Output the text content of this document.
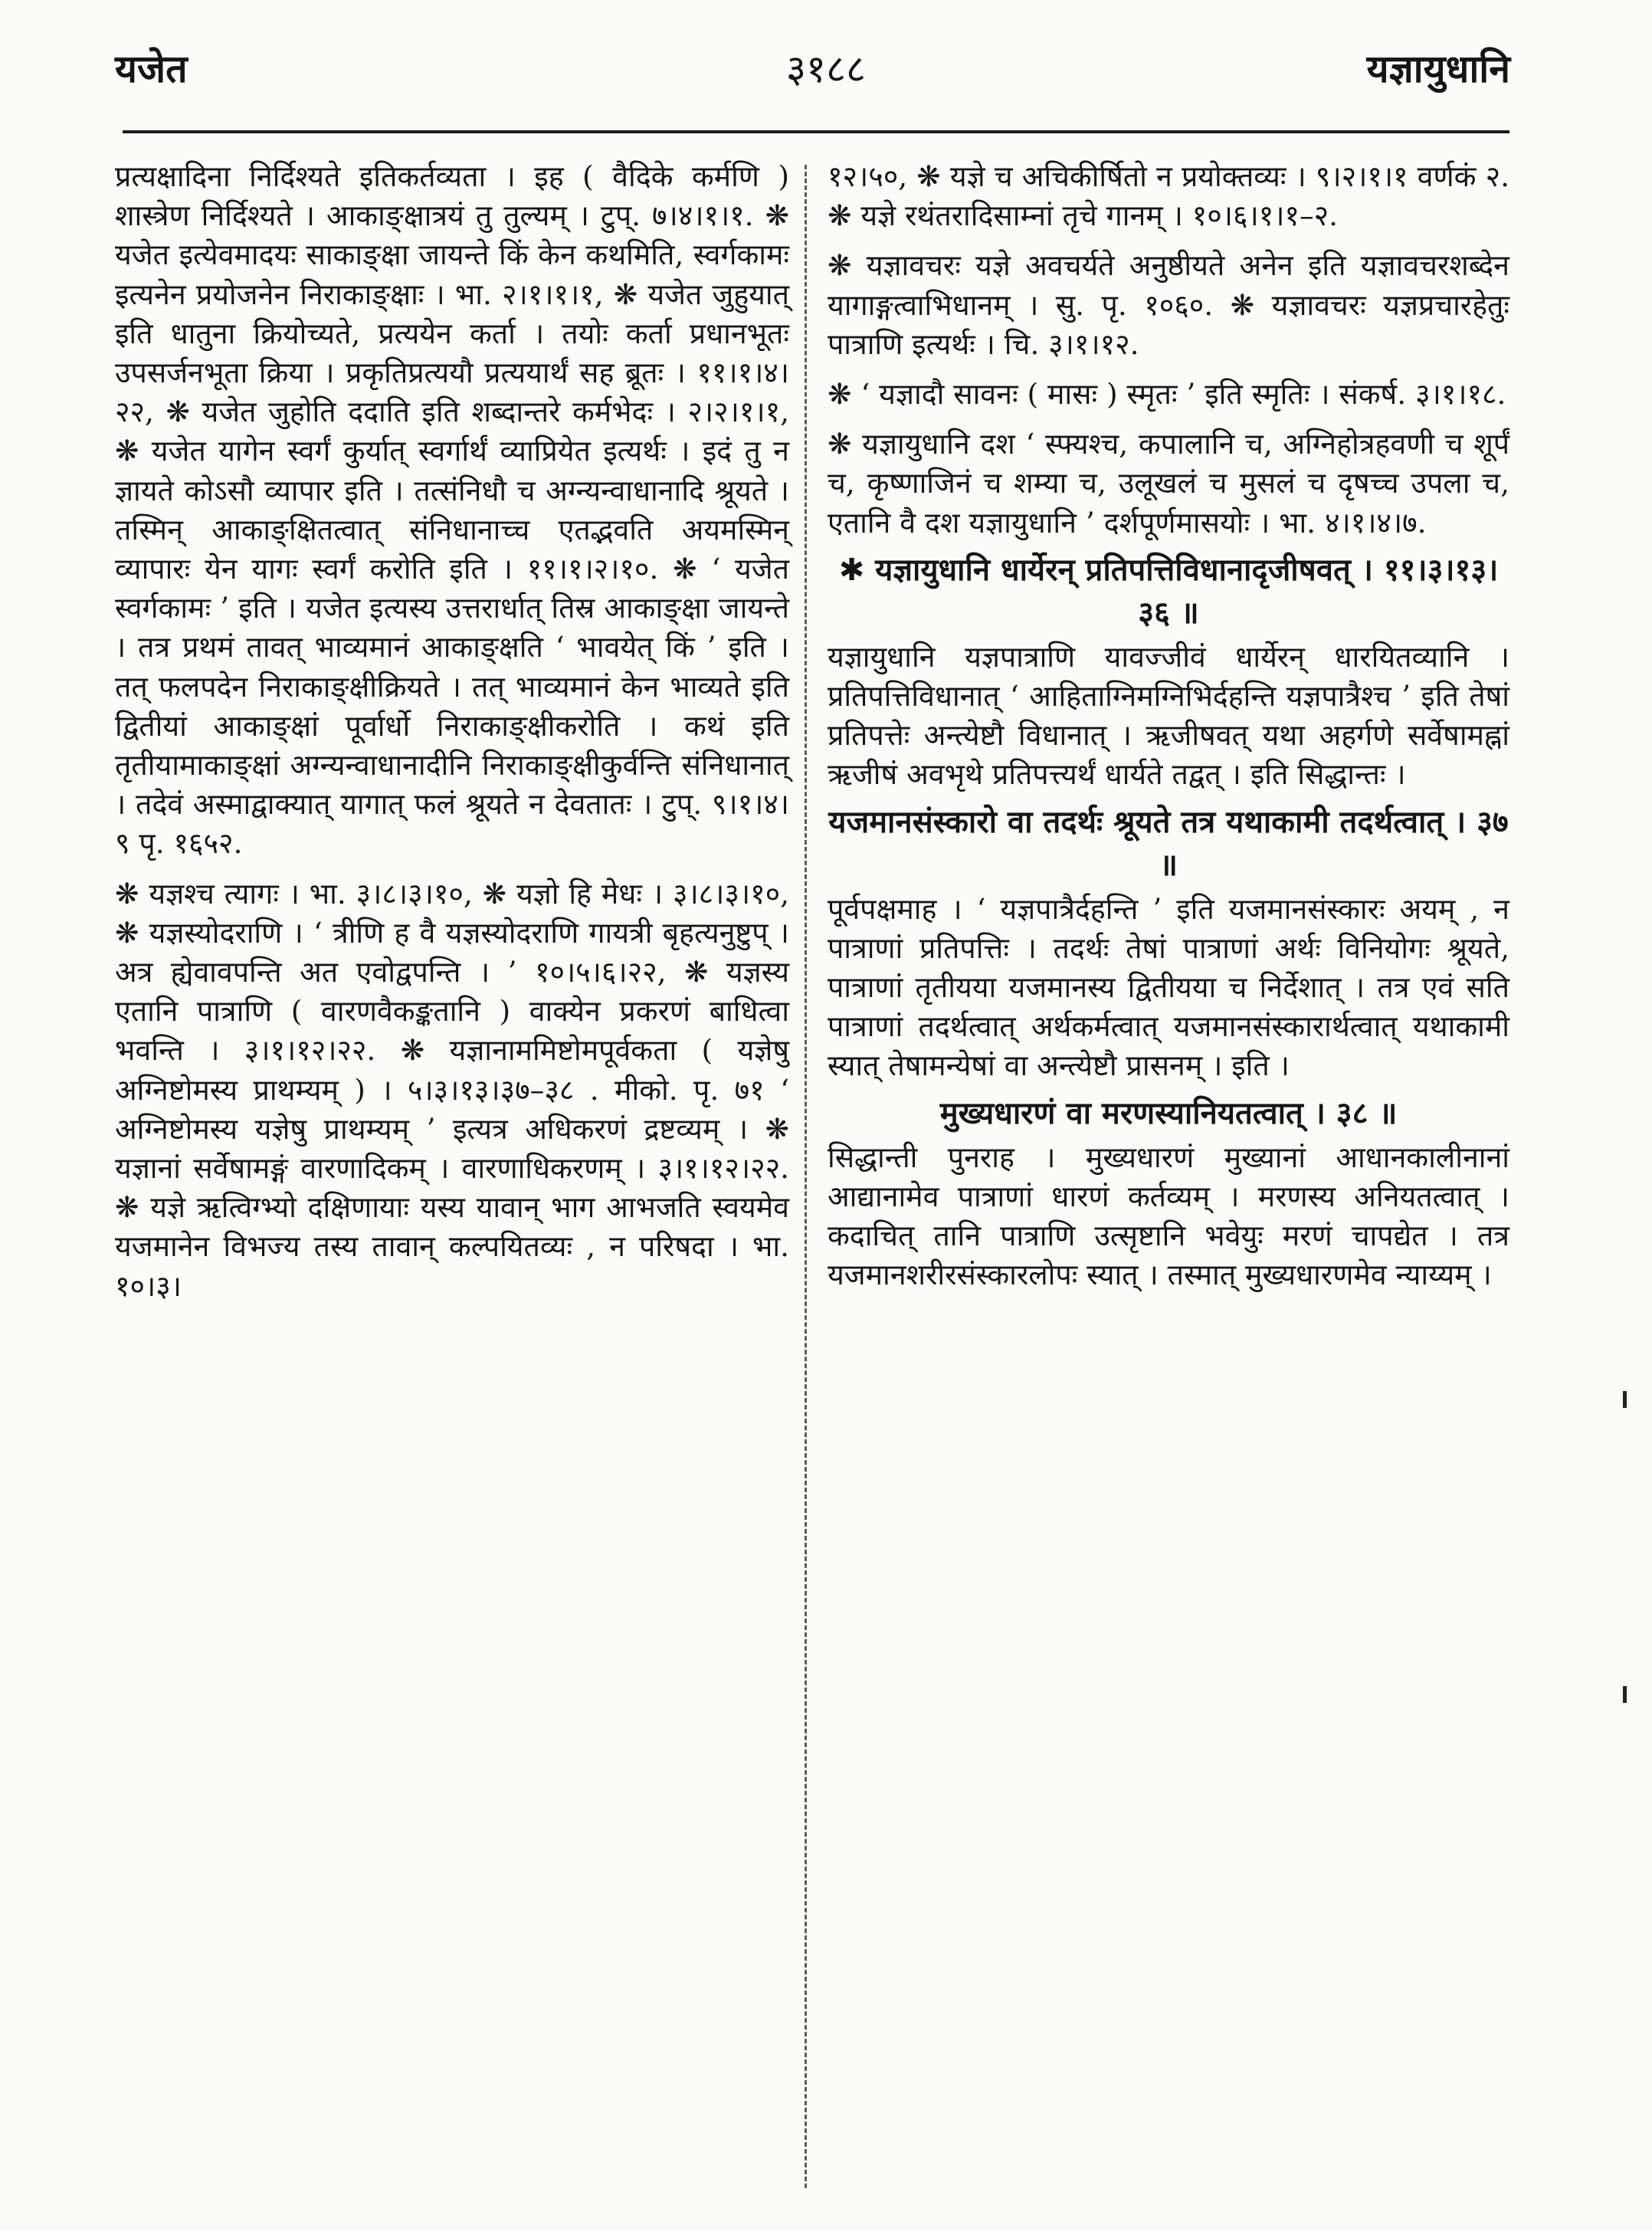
३१८८
यजेत	यज्ञायुधानि

प्रत्यक्षादिना निर्दिश्यते इतिकर्तव्यता । इह ( वैदिके कर्मणि ) शास्त्रेण निर्दिश्यते । आकाङ्क्षात्रयं तु तुल्यम् । टुप्. ७।४।१।१. ❋ यजेत इत्येवमादयः साकाङ्क्षा जायन्ते किं केन कथमिति, स्वर्गकामः इत्यनेन प्रयोजनेन निराकाङ्क्षाः । भा. २।१।१।१, ❋ यजेत जुहुयात् इति धातुना क्रियोच्यते, प्रत्ययेन कर्ता । तयोः कर्ता प्रधानभूतः उपसर्जनभूता क्रिया । प्रकृतिप्रत्ययौ प्रत्ययार्थं सह ब्रूतः । ११।१।४।२२, ❋ यजेत जुहोति ददाति इति शब्दान्तरे कर्मभेदः । २।२।१।१, ❋ यजेत यागेन स्वर्गं कुर्यात् स्वर्गार्थं व्याप्रियेत इत्यर्थः । इदं तु न ज्ञायते कोऽसौ व्यापार इति । तत्संनिधौ च अग्न्यन्वाधानादि श्रूयते । तस्मिन् आकाङ्क्षितत्वात् संनिधानाच्च एतद्भवति अयमस्मिन् व्यापारः येन यागः स्वर्गं करोति इति । ११।१।२।१०. ❋ ‘ यजेत स्वर्गकामः ’ इति । यजेत इत्यस्य उत्तरार्धात् तिस्र आकाङ्क्षा जायन्ते । तत्र प्रथमं तावत् भाव्यमानं आकाङ्क्षति ‘ भावयेत् किं ’ इति । तत् फलपदेन निराकाङ्क्षीक्रियते । तत् भाव्यमानं केन भाव्यते इति द्वितीयां आकाङ्क्षां पूर्वार्धो निराकाङ्क्षीकरोति । कथं इति तृतीयामाकाङ्क्षां अग्न्यन्वाधानादीनि निराकाङ्क्षीकुर्वन्ति संनिधानात् । तदेवं अस्माद्वाक्यात् यागात् फलं श्रूयते न देवतातः । टुप्. ९।१।४।९ पृ. १६५२.

❋ यज्ञश्च त्यागः । भा. ३।८।३।१०, ❋ यज्ञो हि मेधः । ३।८।३।१०, ❋ यज्ञस्योदराणि । ‘ त्रीणि ह वै यज्ञस्योदराणि गायत्री बृहत्यनुष्टुप् । अत्र ह्येवावपन्ति अत एवोद्वपन्ति । ’ १०।५।६।२२, ❋ यज्ञस्य एतानि पात्राणि ( वारणवैकङ्कतानि ) वाक्येन प्रकरणं बाधित्वा भवन्ति । ३।१।१२।२२. ❋ यज्ञानाममिष्टोमपूर्वकता ( यज्ञेषु अग्निष्टोमस्य प्राथम्यम् ) । ५।३।१३।३७–३८ . मीको. पृ. ७१ ‘ अग्निष्टोमस्य यज्ञेषु प्राथम्यम् ’ इत्यत्र अधिकरणं द्रष्टव्यम् । ❋ यज्ञानां सर्वेषामङ्गं वारणादिकम् । वारणाधिकरणम् । ३।१।१२।२२. ❋ यज्ञे ऋत्विग्भ्यो दक्षिणायाः यस्य यावान् भाग आभजति स्वयमेव यजमानेन विभज्य तस्य तावान् कल्पयितव्यः , न परिषदा । भा. १०।३।

१२।५०, ❋ यज्ञे च अचिकीर्षितो न प्रयोक्तव्यः । ९।२।१।१ वर्णकं २. ❋ यज्ञे रथंतरादिसाम्नां तृचे गानम् । १०।६।१।१–२.

❋ यज्ञावचरः यज्ञे अवचर्यते अनुष्ठीयते अनेन इति यज्ञावचरशब्देन यागाङ्गत्वाभिधानम् । सु. पृ. १०६०. ❋ यज्ञावचरः यज्ञप्रचारहेतुः पात्राणि इत्यर्थः । चि. ३।१।१२.

❋ ‘ यज्ञादौ सावनः ( मासः ) स्मृतः ’ इति स्मृतिः । संकर्ष. ३।१।१८.

❋ यज्ञायुधानि दश ‘ स्फ्यश्च, कपालानि च, अग्निहोत्रहवणी च शूर्पं च, कृष्णाजिनं च शम्या च, उलूखलं च मुसलं च दृषच्च उपला च, एतानि वै दश यज्ञायुधानि ’ दर्शपूर्णमासयोः । भा. ४।१।४।७.

✱ यज्ञायुधानि धार्येरन् प्रतिपत्तिविधानादृजीषवत् । ११।३।१३।३६ ॥

यज्ञायुधानि यज्ञपात्राणि यावज्जीवं धार्येरन् धारयितव्यानि । प्रतिपत्तिविधानात् ‘ आहिताग्निमग्निभिर्दहन्ति यज्ञपात्रैश्च ’ इति तेषां प्रतिपत्तेः अन्त्येष्टौ विधानात् । ऋजीषवत् यथा अहर्गणे सर्वेषामह्नां ऋजीषं अवभृथे प्रतिपत्त्यर्थं धार्यते तद्वत् । इति सिद्धान्तः ।

यजमानसंस्कारो वा तदर्थः श्रूयते तत्र यथाकामी तदर्थत्वात् । ३७ ॥

पूर्वपक्षमाह । ‘ यज्ञपात्रैर्दहन्ति ’ इति यजमानसंस्कारः अयम् , न पात्राणां प्रतिपत्तिः । तदर्थः तेषां पात्राणां अर्थः विनियोगः श्रूयते, पात्राणां तृतीयया यजमानस्य द्वितीयया च निर्देशात् । तत्र एवं सति पात्राणां तदर्थत्वात् अर्थकर्मत्वात् यजमानसंस्कारार्थत्वात् यथाकामी स्यात् तेषामन्येषां वा अन्त्येष्टौ प्रासनम् । इति ।

मुख्यधारणं वा मरणस्यानियतत्वात् । ३८ ॥

सिद्धान्ती पुनराह । मुख्यधारणं मुख्यानां आधानकालीनानां आद्यानामेव पात्राणां धारणं कर्तव्यम् । मरणस्य अनियतत्वात् । कदाचित् तानि पात्राणि उत्सृष्टानि भवेयुः मरणं चापद्येत । तत्र यजमानशरीरसंस्कारलोपः स्यात् । तस्मात् मुख्यधारणमेव न्याय्यम् ।
